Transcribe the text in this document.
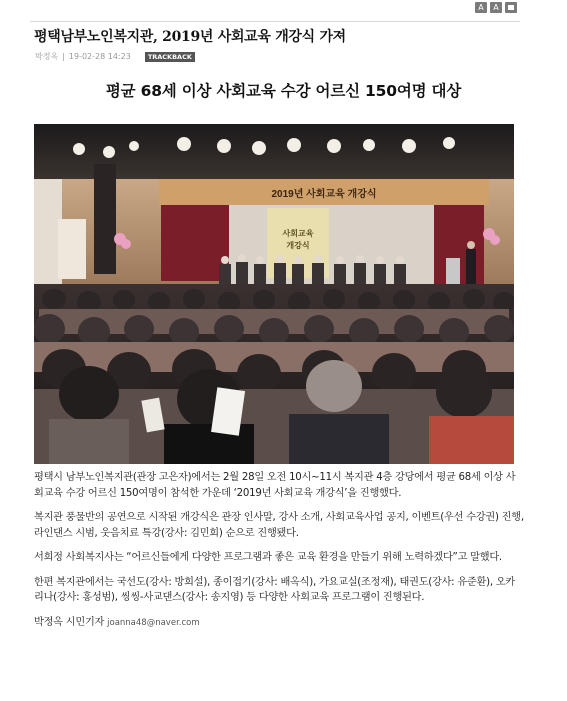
A	A
평택남부노인복지관, 2019년 사회교육 개강식 가져
박정옥 | 19-02-28 14:23	TRACKBACK
평균 68세 이상 사회교육 수강 어르신 150여명 대상
2019년 사회교육 개강식
사회교육
개강식

평택시 남부노인복지관(관장 고은자)에서는 2월 28일 오전 10시~11시 복지관 4층 강당에서 평균 68세 이상 사회교육 수강 어르신 150여명이 참석한 가운데 ‘2019년 사회교육 개강식’을 진행했다.

복지관 풍물반의 공연으로 시작된 개강식은 관장 인사말, 강사 소개, 사회교육사업 공지, 이벤트(우선 수강권) 진행, 라인댄스 시범, 웃음치료 특강(강사: 김민희) 순으로 진행됐다.

서희정 사회복지사는 “어르신들에게 다양한 프로그램과 좋은 교육 환경을 만들기 위해 노력하겠다”고 말했다.

한편 복지관에서는 국선도(강사: 방희설), 종이접기(강사: 배옥식), 가요교실(조정재), 태권도(강사: 유준환), 오카리나(강사: 홍성범), 씽씽-사교댄스(강사: 송지영) 등 다양한 사회교육 프로그램이 진행된다.

박정옥 시민기자 joanna48@naver.com
